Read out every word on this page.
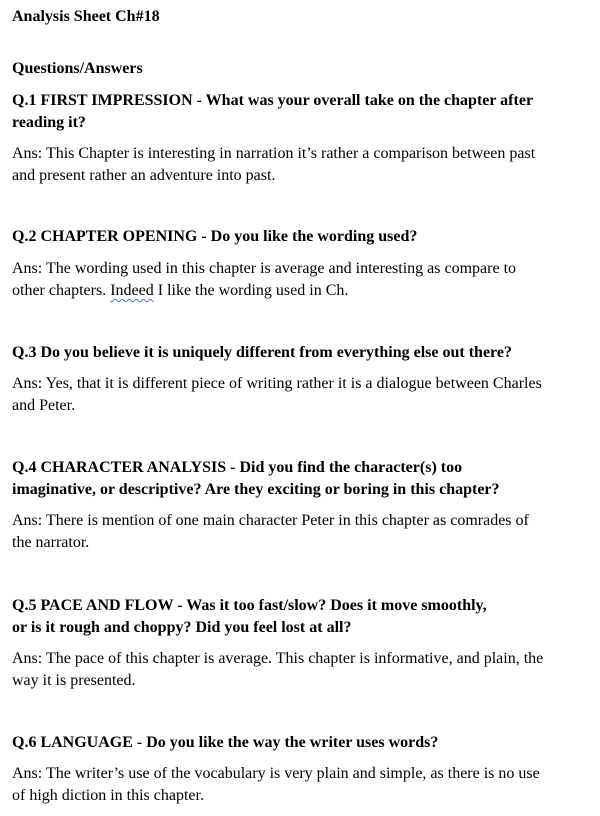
Analysis Sheet Ch#18
Questions/Answers
Q.1 FIRST IMPRESSION - What was your overall take on the chapter after
reading it?
Ans: This Chapter is interesting in narration it’s rather a comparison between past
and present rather an adventure into past.
Q.2 CHAPTER OPENING - Do you like the wording used?
Ans: The wording used in this chapter is average and interesting as compare to
other chapters. Indeed I like the wording used in Ch.
Q.3 Do you believe it is uniquely different from everything else out there?
Ans: Yes, that it is different piece of writing rather it is a dialogue between Charles
and Peter.
Q.4 CHARACTER ANALYSIS - Did you find the character(s) too
imaginative, or descriptive? Are they exciting or boring in this chapter?
Ans: There is mention of one main character Peter in this chapter as comrades of
the narrator.
Q.5 PACE AND FLOW - Was it too fast/slow? Does it move smoothly,
or is it rough and choppy? Did you feel lost at all?
Ans: The pace of this chapter is average. This chapter is informative, and plain, the
way it is presented.
Q.6 LANGUAGE - Do you like the way the writer uses words?
Ans: The writer’s use of the vocabulary is very plain and simple, as there is no use
of high diction in this chapter.
